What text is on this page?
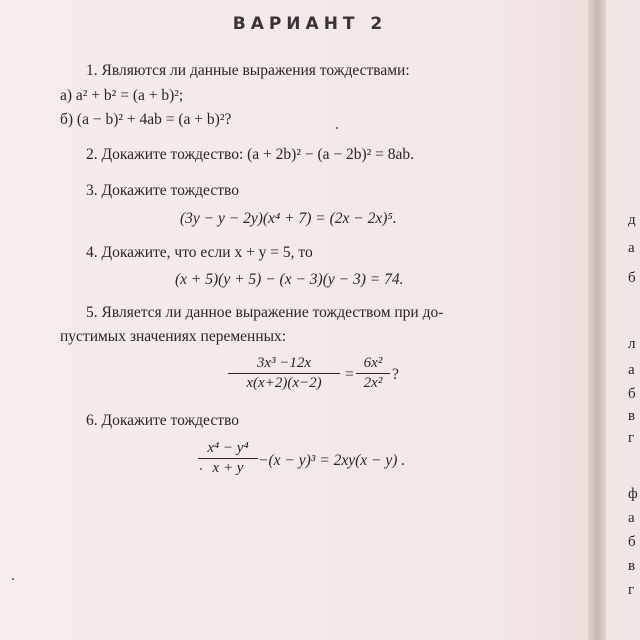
ВАРИАНТ 2
1. Являются ли данные выражения тождествами:
а) a² + b² = (a + b)²;
б) (a − b)² + 4ab = (a + b)²?
2. Докажите тождество: (a + 2b)² − (a − 2b)² = 8ab.
3. Докажите тождество
(3y − y − 2y)(x⁴ + 7) = (2x − 2x)⁵.
4. Докажите, что если x + y = 5, то
(x + 5)(y + 5) − (x − 3)(y − 3) = 74.
5. Является ли данное выражение тождеством при до-
пустимых значениях переменных:
$\frac{\text{3x³ −12x}}{x(x+2)(x-2)} = \frac{\text{6x²}}{\text{2x²}}$ ?
6. Докажите тождество
$\frac{\text{x⁴ − y⁴}}{x + y} -(x - y)^3 = 2xy(x - y)$ .
д
а
б
л
а
б
в
г
ф
а
б
в
г
